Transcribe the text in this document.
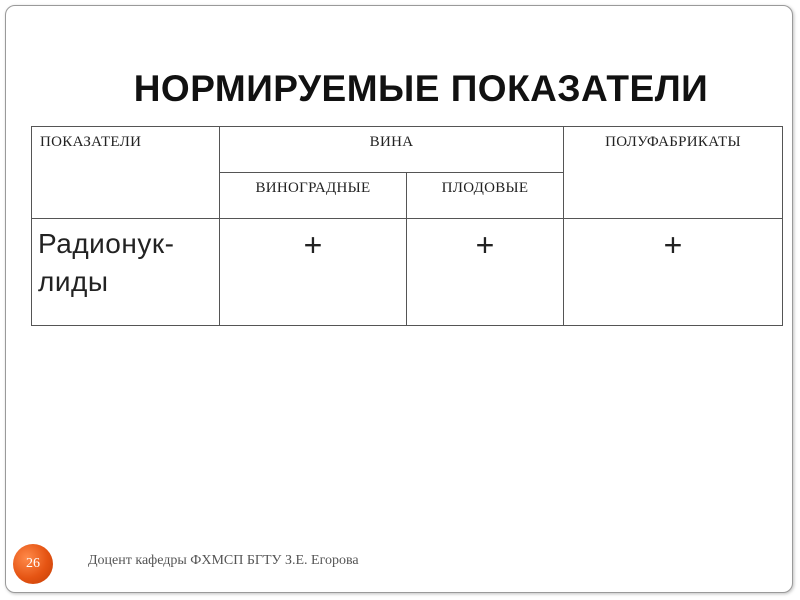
НОРМИРУЕМЫЕ ПОКАЗАТЕЛИ
ПОКАЗАТЕЛИ	ВИНА		ПОЛУФАБРИКАТЫ
	ВИНОГРАДНЫЕ	ПЛОДОВЫЕ	

Радионук-
лиды	+	+	+
26	Доцент кафедры ФХМСП БГТУ З.Е. Егорова
